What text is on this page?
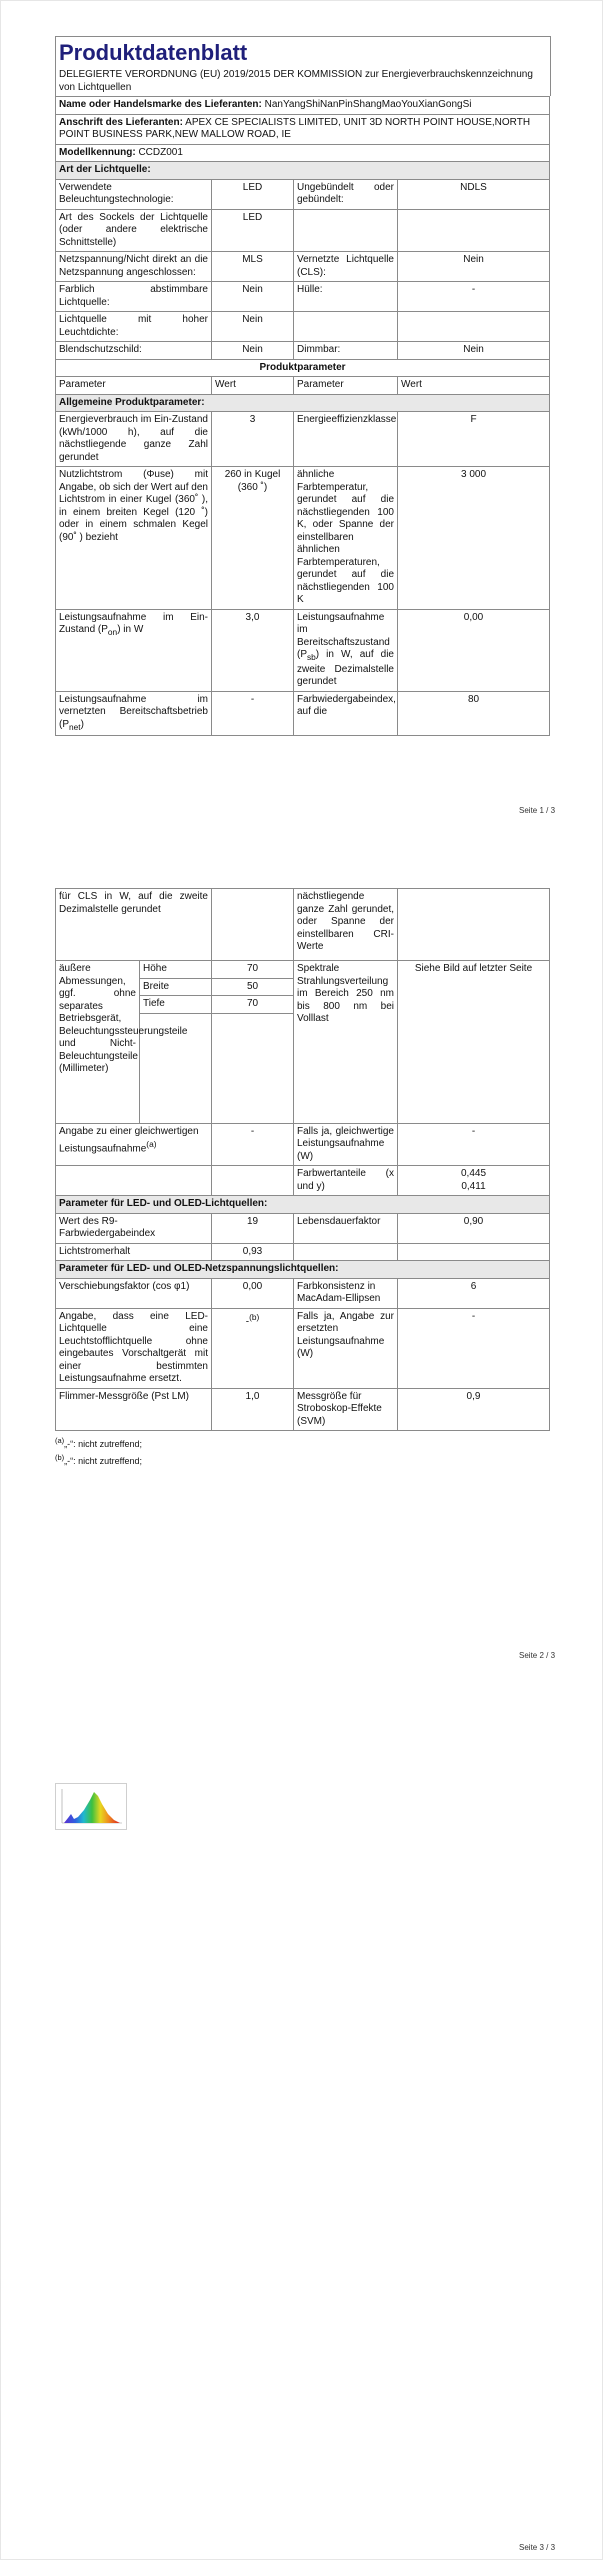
Produktdatenblatt
DELEGIERTE VERORDNUNG (EU) 2019/2015 DER KOMMISSION zur Energieverbrauchskennzeichnung von Lichtquellen
Name oder Handelsmarke des Lieferanten: NanYangShiNanPinShangMaoYouXianGongSi			
Anschrift des Lieferanten: APEX CE SPECIALISTS LIMITED, UNIT 3D NORTH POINT HOUSE,NORTH POINT BUSINESS PARK,NEW MALLOW ROAD, IE			
Modellkennung: CCDZ001			
Art der Lichtquelle:			
Verwendete Beleuchtungstechnologie:	LED	Ungebündelt oder gebündelt:	NDLS
Art des Sockels der Lichtquelle (oder andere elektrische Schnittstelle)	LED		
Netzspannung/Nicht direkt an die Netzspannung angeschlossen:	MLS	Vernetzte Lichtquelle (CLS):	Nein
Farblich abstimmbare Lichtquelle:	Nein	Hülle:	-
Lichtquelle mit hoher Leuchtdichte:	Nein		
Blendschutzschild:	Nein	Dimmbar:	Nein
Produktparameter			
Parameter	Wert	Parameter	Wert
Allgemeine Produktparameter:			
Energieverbrauch im Ein-Zustand (kWh/1000 h), auf die nächstliegende ganze Zahl gerundet	3	Energieeffizienzklasse	F
Nutzlichtstrom (Φuse) mit Angabe, ob sich der Wert auf den Lichtstrom in einer Kugel (360˚ ), in einem breiten Kegel (120 ˚) oder in einem schmalen Kegel (90˚ ) bezieht	260 in Kugel (360 ˚)	ähnliche Farbtemperatur, gerundet auf die nächstliegenden 100 K, oder Spanne der einstellbaren ähnlichen Farbtemperaturen, gerundet auf die nächstliegenden 100 K	3 000
Leistungsaufnahme im Ein-Zustand $(P_{on})$ in W	3,0	Leistungsaufnahme im Bereitschaftszustand $(P_{sb})$ in W, auf die zweite Dezimalstelle gerundet	0,00
Leistungsaufnahme im vernetzten Bereitschaftsbetrieb $(P_{net})$	-	Farbwiedergabeindex, auf die	80
Seite 1 / 3
für CLS in W, auf die zweite Dezimalstelle gerundet			nächstliegende ganze Zahl gerundet, oder Spanne der einstellbaren CRI-Werte	
äußere Abmessungen, ggf. ohne separates Betriebsgerät, Beleuchtungssteuerungsteile und Nicht-Beleuchtungsteile (Millimeter)	Höhe	70	Spektrale Strahlungsverteilung im Bereich 250 nm bis 800 nm bei Volllast	Siehe Bild auf letzter Seite
	Breite	50		
	Tiefe	70		

Angabe zu einer gleichwertigen Leistungsaufnahme$^{(a)}$		-	Falls ja, gleichwertige Leistungsaufnahme (W)	-
			Farbwertanteile (x und y)	0,445
0,411

Parameter für LED- und OLED-Lichtquellen:				
Wert des R9-Farbwiedergabeindex		19	Lebensdauerfaktor	0,90
Lichtstromerhalt		0,93		
Parameter für LED- und OLED-Netzspannungslichtquellen:				
Verschiebungsfaktor (cos φ1)		0,00	Farbkonsistenz in MacAdam-Ellipsen	6
Angabe, dass eine LED-Lichtquelle eine Leuchtstofflichtquelle ohne eingebautes Vorschaltgerät mit einer bestimmten Leistungsaufnahme ersetzt.		-$^{(b)}$	Falls ja, Angabe zur ersetzten Leistungsaufnahme (W)	-
Flimmer-Messgröße (Pst LM)		1,0	Messgröße für Stroboskop-Effekte (SVM)	0,9
$^{(a)}$„-“: nicht zutreffend;
$^{(b)}$„-“: nicht zutreffend;
Seite 2 / 3
Seite 3 / 3
